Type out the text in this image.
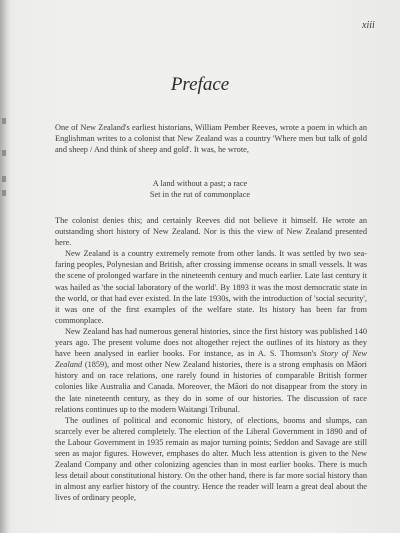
xiii
Preface

One of New Zealand's earliest historians, William Pember Reeves, wrote a poem in which an Englishman writes to a colonist that New Zealand was a country 'Where men but talk of gold and sheep / And think of sheep and gold'. It was, he wrote,

A land without a past; a race
Set in the rut of commonplace

The colonist denies this; and certainly Reeves did not believe it himself. He wrote an outstanding short history of New Zealand. Nor is this the view of New Zealand presented here.

New Zealand is a country extremely remote from other lands. It was settled by two sea-faring peoples, Polynesian and British, after crossing immense oceans in small vessels. It was the scene of prolonged warfare in the nineteenth century and much earlier. Late last century it was hailed as 'the social laboratory of the world'. By 1893 it was the most democratic state in the world, or that had ever existed. In the late 1930s, with the introduction of 'social security', it was one of the first examples of the welfare state. Its history has been far from commonplace.

New Zealand has had numerous general histories, since the first history was published 140 years ago. The present volume does not altogether reject the outlines of its history as they have been analysed in earlier books. For instance, as in A. S. Thomson's Story of New Zealand (1859), and most other New Zealand histories, there is a strong emphasis on Māori history and on race relations, one rarely found in histories of comparable British former colonies like Australia and Canada. Moreover, the Māori do not disappear from the story in the late nineteenth century, as they do in some of our histories. The discussion of race relations continues up to the modern Waitangi Tribunal.

The outlines of political and economic history, of elections, booms and slumps, can scarcely ever be altered completely. The election of the Liberal Government in 1890 and of the Labour Government in 1935 remain as major turning points; Seddon and Savage are still seen as major figures. However, emphases do alter. Much less attention is given to the New Zealand Company and other colonizing agencies than in most earlier books. There is much less detail about constitutional history. On the other hand, there is far more social history than in almost any earlier history of the country. Hence the reader will learn a great deal about the lives of ordinary people,
